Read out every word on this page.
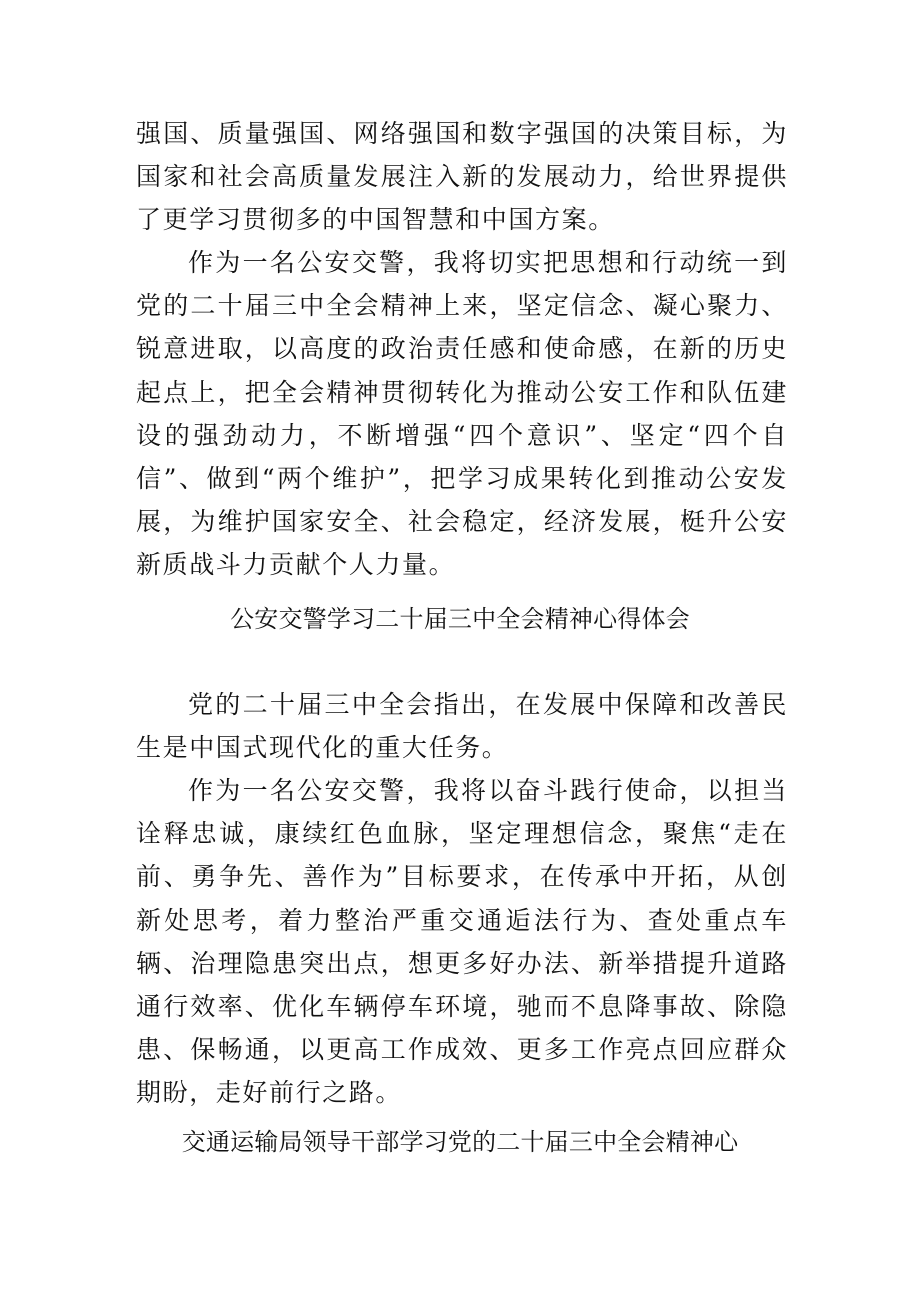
强国、质量强国、网络强国和数字强国的决策目标，为国家和社会高质量发展注入新的发展动力，给世界提供了更学习贯彻多的中国智慧和中国方案。

作为一名公安交警，我将切实把思想和行动统一到党的二十届三中全会精神上来，坚定信念、凝心聚力、锐意进取，以高度的政治责任感和使命感，在新的历史起点上，把全会精神贯彻转化为推动公安工作和队伍建设的强劲动力，不断增强“四个意识”、坚定“四个自信”、做到“两个维护”，把学习成果转化到推动公安发展，为维护国家安全、社会稳定，经济发展，梃升公安新质战斗力贡献个人力量。

公安交警学习二十届三中全会精神心得体会

党的二十届三中全会指出，在发展中保障和改善民生是中国式现代化的重大任务。

作为一名公安交警，我将以奋斗践行使命，以担当诠释忠诚，康续红色血脉，坚定理想信念，聚焦“走在前、勇争先、善作为”目标要求，在传承中开拓，从创新处思考，着力整治严重交通逅法行为、查处重点车辆、治理隐患突出点，想更多好办法、新举措提升道路通行效率、优化车辆停车环境，驰而不息降事故、除隐患、保畅通，以更高工作成效、更多工作亮点回应群众期盼，走好前行之路。

交通运输局领导干部学习党的二十届三中全会精神心
